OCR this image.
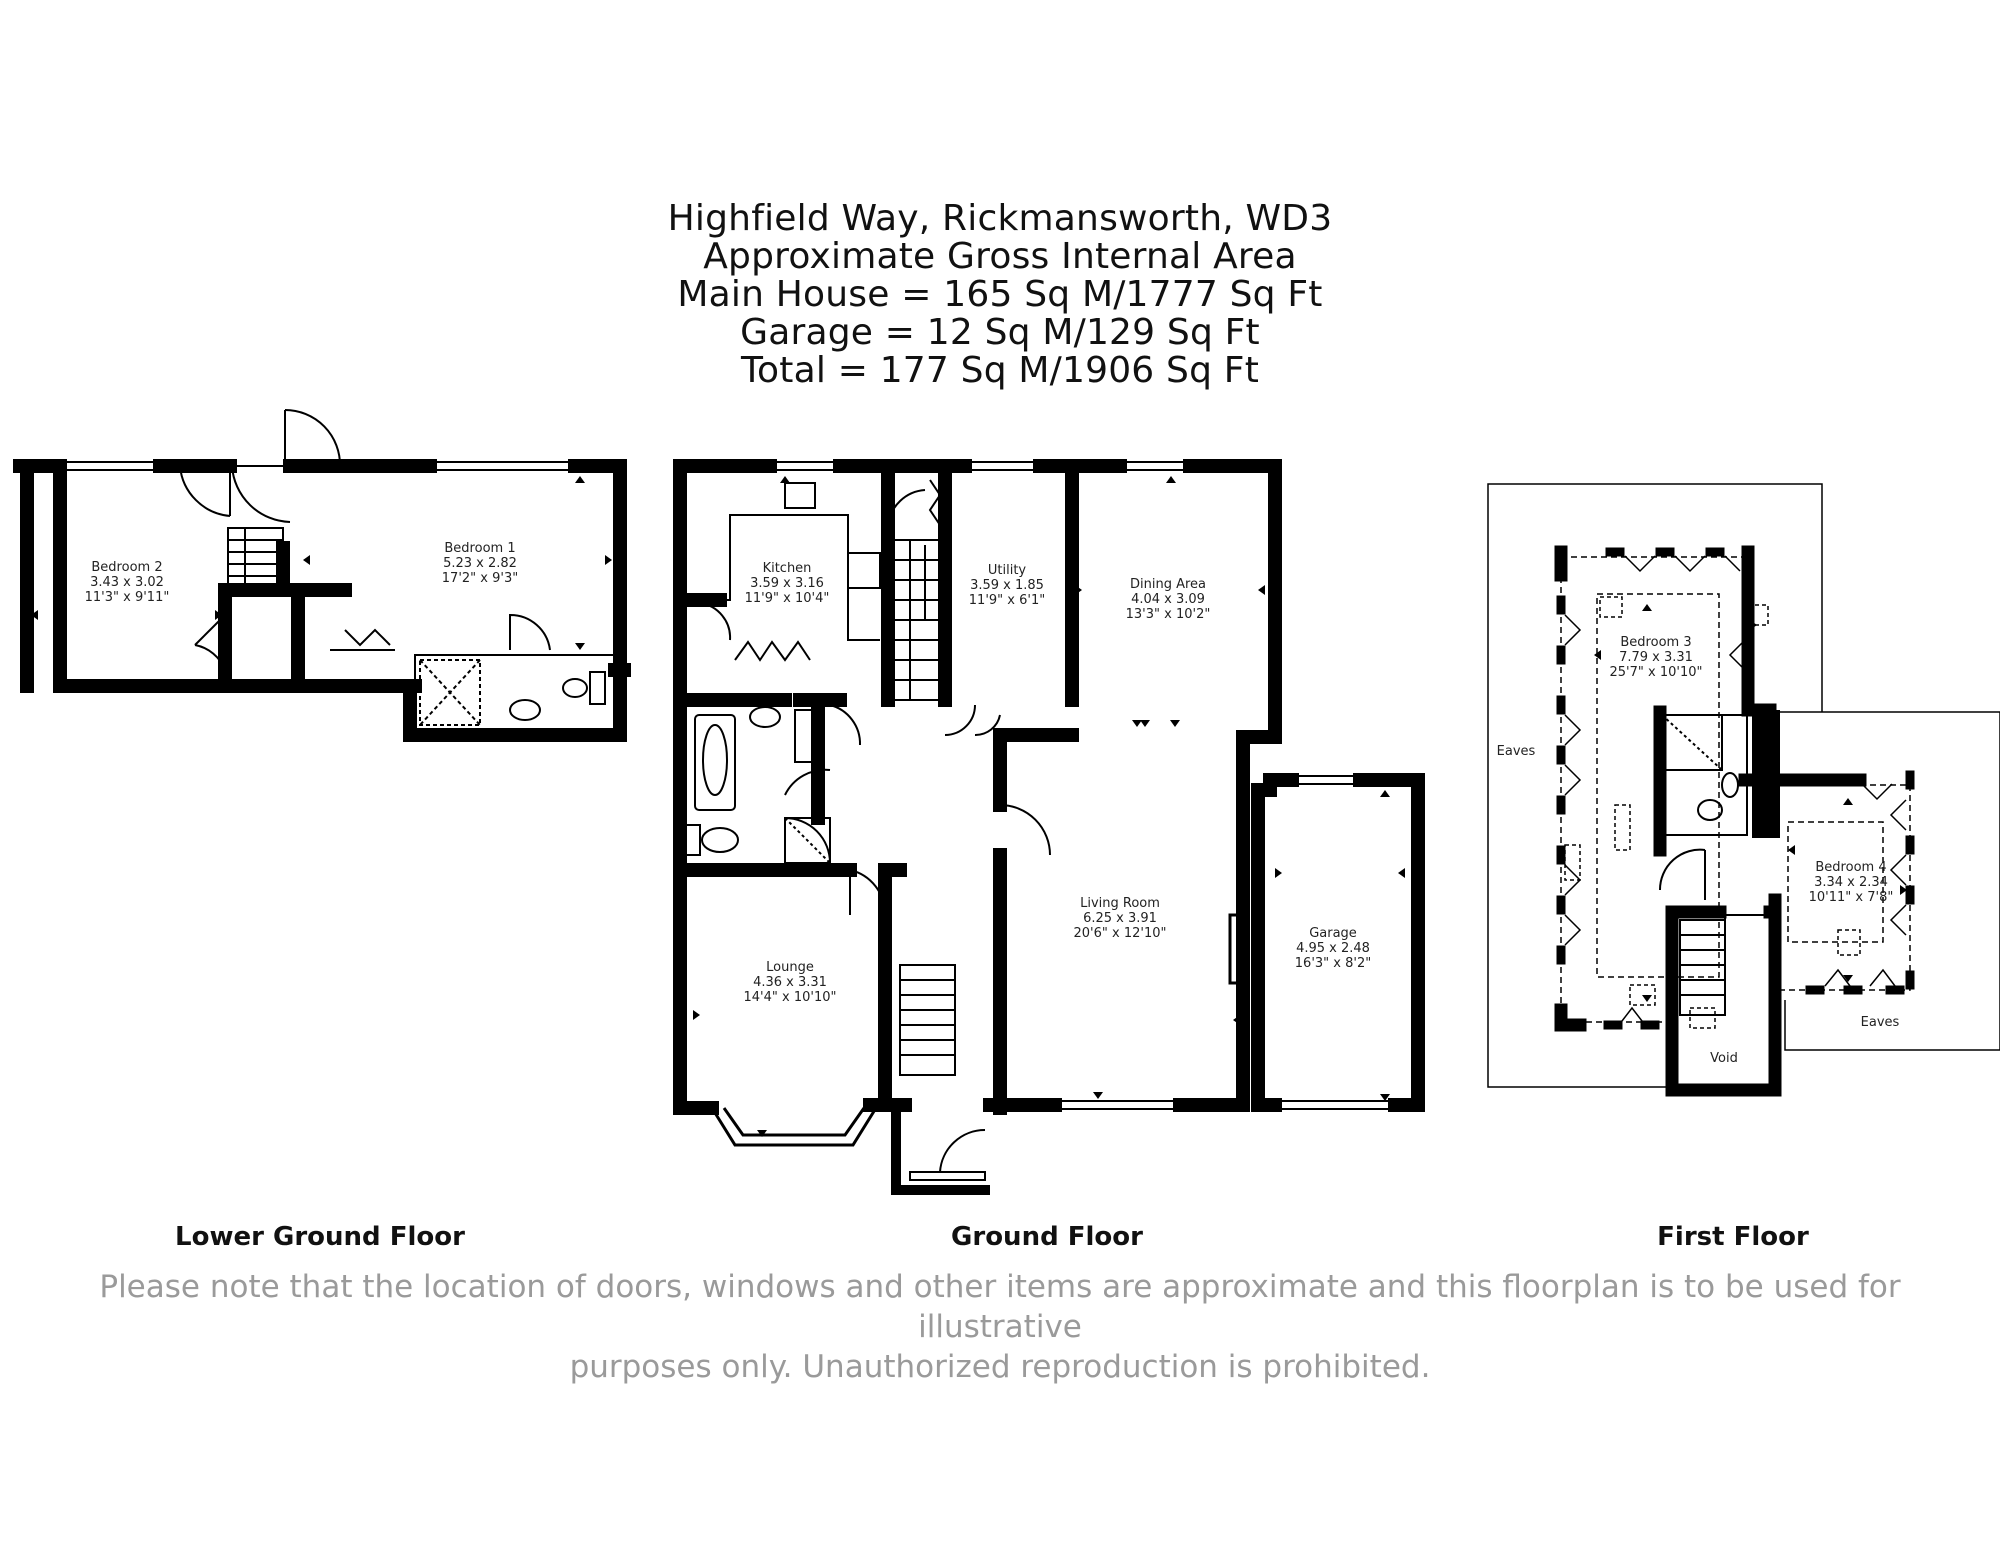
Highfield Way, Rickmansworth, WD3
Approximate Gross Internal Area
Main House = 165 Sq M/1777 Sq Ft
Garage = 12 Sq M/129 Sq Ft
Total = 177 Sq M/1906 Sq Ft
Bedroom 2
3.43 x 3.02
11'3" x 9'11"
Bedroom 1
5.23 x 2.82
17'2" x 9'3"
Kitchen
3.59 x 3.16
11'9" x 10'4"
Utility
3.59 x 1.85
11'9" x 6'1"
Dining Area
4.04 x 3.09
13'3" x 10'2"
Living Room
6.25 x 3.91
20'6" x 12'10"
Lounge
4.36 x 3.31
14'4" x 10'10"
Garage
4.95 x 2.48
16'3" x 8'2"
Bedroom 3
7.79 x 3.31
25'7" x 10'10"
Bedroom 4
3.34 x 2.34
10'11" x 7'8"
Eaves
Eaves
Void
Lower Ground Floor	Ground Floor	First Floor
Please note that the location of doors, windows and other items are approximate and this floorplan is to be used for illustrative
purposes only. Unauthorized reproduction is prohibited.
